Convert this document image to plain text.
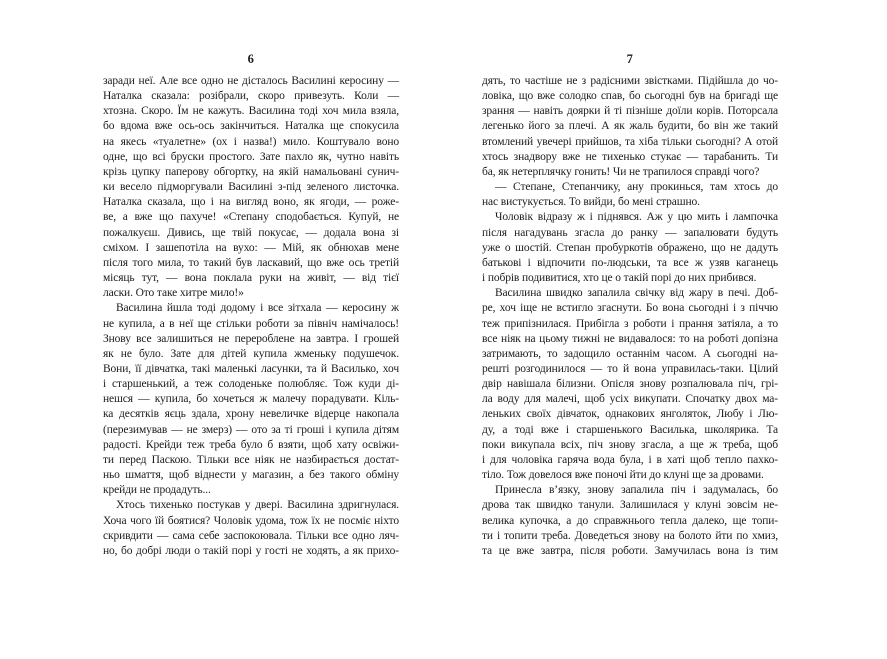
6
заради неї. Але все одно не дісталось Василині керосину —
Наталка сказала: розібрали, скоро привезуть. Коли —
хтозна. Скоро. Їм не кажуть. Василина тоді хоч мила взяла,
бо вдома вже ось-ось закінчиться. Наталка ще спокусила
на якесь «туалетне» (ох і назва!) мило. Коштувало воно
одне, що всі бруски простого. Зате пахло як, чутно навіть
крізь цупку паперову обгортку, на якій намальовані сунич-
ки весело підморгували Василині з-під зеленого листочка.
Наталка сказала, що і на вигляд воно, як ягоди, — роже-
ве, а вже що пахуче! «Степану сподобається. Купуй, не
пожалкуєш. Дивись, ще твій покусає, — додала вона зі
сміхом. І зашепотіла на вухо: — Мій, як обнюхав мене
після того мила, то такий був ласкавий, що вже ось третій
місяць тут, — вона поклала руки на живіт, — від тієї
ласки. Ото таке хитре мило!»
Василина йшла тоді додому і все зітхала — керосину ж
не купила, а в неї ще стільки роботи за північ намічалось!
Знову все залишиться не перероблене на завтра. І грошей
як не було. Зате для дітей купила жменьку подушечок.
Вони, її дівчатка, такі маленькі ласунки, та й Василько, хоч
і старшенький, а теж солоденьке полюбляє. Тож куди ді-
нешся — купила, бо хочеться ж малечу порадувати. Кіль-
ка десятків яєць здала, хрону невеличке відерце накопала
(перезимував — не змерз) — ото за ті гроші і купила дітям
радості. Крейди теж треба було б взяти, щоб хату освіжи-
ти перед Паскою. Тільки все ніяк не назбирається достат-
ньо шмаття, щоб віднести у магазин, а без такого обміну
крейди не продадуть...
Хтось тихенько постукав у двері. Василина здригнулася.
Хоча чого їй боятися? Чоловік удома, тож їх не посміє ніхто
скривдити — сама себе заспокоювала. Тільки все одно ляч-
но, бо добрі люди о такій порі у гості не ходять, а як прихо-
7
дять, то частіше не з радісними звістками. Підійшла до чо-
ловіка, що вже солодко спав, бо сьогодні був на бригаді ще
зрання — навіть доярки й ті пізніше доїли корів. Поторсала
легенько його за плечі. А як жаль будити, бо він же такий
втомлений увечері прийшов, та хіба тільки сьогодні? А отой
хтось знадвору вже не тихенько стукає — тарабанить. Ти
ба, як нетерплячку гонить! Чи не трапилося справді чого?
— Степане, Степанчику, ану прокинься, там хтось до
нас вистукується. То вийди, бо мені страшно.
Чоловік відразу ж і піднявся. Аж у цю мить і лампочка
після нагадувань згасла до ранку — запалювати будуть
уже о шостій. Степан пробуркотів ображено, що не дадуть
батькові і відпочити по-людськи, та все ж узяв каганець
і побрів подивитися, хто це о такій порі до них прибився.
Василина швидко запалила свічку від жару в печі. Доб-
ре, хоч іще не встигло згаснути. Бо вона сьогодні і з піччю
теж припізнилася. Прибігла з роботи і прання затіяла, а то
все ніяк на цьому тижні не видавалося: то на роботі допізна
затримають, то задощило останнім часом. А сьогодні на-
решті розгодинилося — то й вона управилась-таки. Цілий
двір навішала білизни. Опісля знову розпалювала піч, грі-
ла воду для малечі, щоб усіх викупати. Спочатку двох ма-
леньких своїх дівчаток, однакових янголяток, Любу і Лю-
ду, а тоді вже і старшенького Василька, школярика. Та
поки викупала всіх, піч знову згасла, а ще ж треба, щоб
і для чоловіка гаряча вода була, і в хаті щоб тепло пахко-
тіло. Тож довелося вже поночі йти до клуні ще за дровами.
Принесла в’язку, знову запалила піч і задумалась, бо
дрова так швидко танули. Залишилася у клуні зовсім не-
велика купочка, а до справжнього тепла далеко, ще топи-
ти і топити треба. Доведеться знову на болото йти по хмиз,
та це вже завтра, після роботи. Замучилась вона із тим
